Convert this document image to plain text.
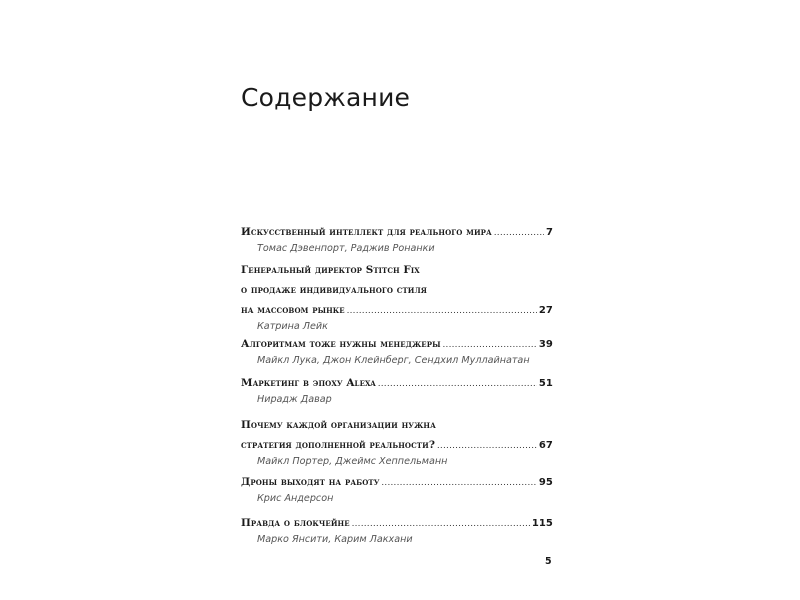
Содержание
Искусственный интеллект для реального мира .....	7
Томас Дэвенпорт, Раджив Ронанки
Генеральный директор Stitch Fix
о продаже индивидуального стиля
на массовом рынке .....	27
Катрина Лейк
Алгоритмам тоже нужны менеджеры .....	39
Майкл Лука, Джон Клейнберг, Сендхил Муллайнатан
Маркетинг в эпоху Alexa .....	51
Нирадж Давар
Почему каждой организации нужна
стратегия дополненной реальности? .....	67
Майкл Портер, Джеймс Хеппельманн
Дроны выходят на работу .....	95
Крис Андерсон
Правда о блокчейне .....	115
Марко Янсити, Карим Лакхани
5
